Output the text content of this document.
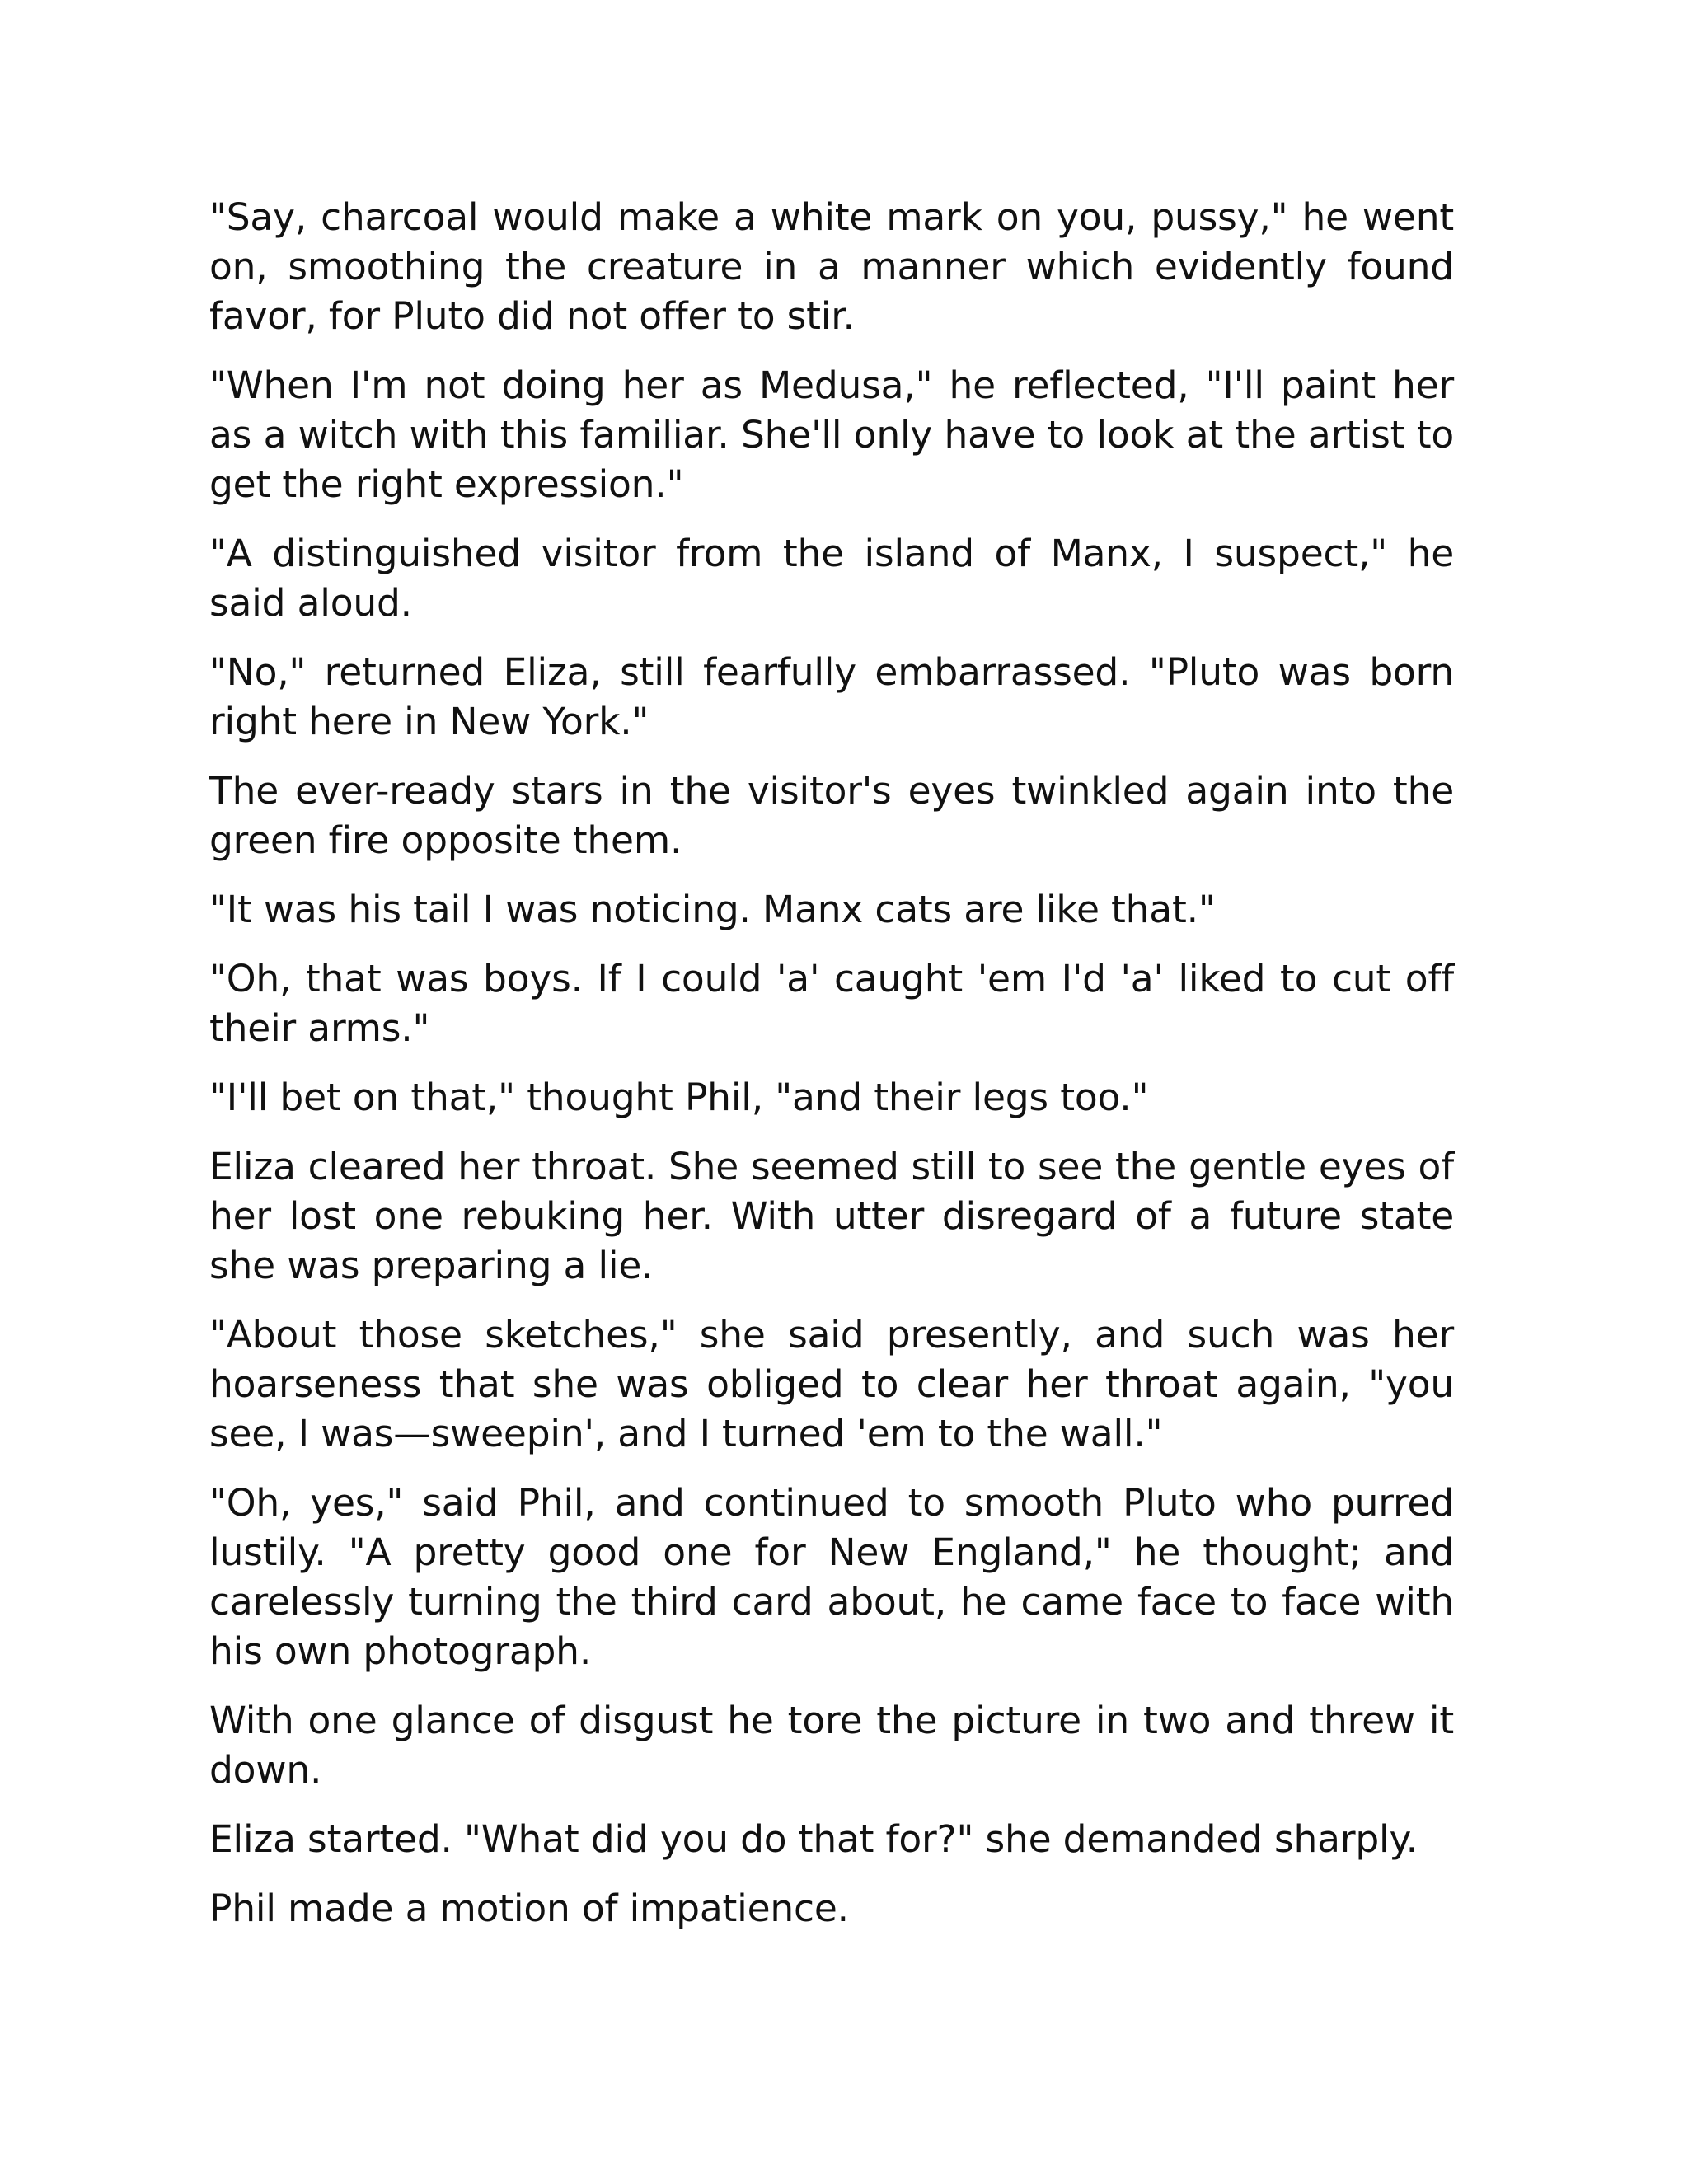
"Say, charcoal would make a white mark on you, pussy," he went on, smoothing the creature in a manner which evidently found favor, for Pluto did not offer to stir.

"When I'm not doing her as Medusa," he reflected, "I'll paint her as a witch with this familiar. She'll only have to look at the artist to get the right expression."

"A distinguished visitor from the island of Manx, I suspect," he said aloud.

"No," returned Eliza, still fearfully embarrassed. "Pluto was born right here in New York."

The ever-ready stars in the visitor's eyes twinkled again into the green fire opposite them.

"It was his tail I was noticing. Manx cats are like that."

"Oh, that was boys. If I could 'a' caught 'em I'd 'a' liked to cut off their arms."

"I'll bet on that," thought Phil, "and their legs too."

Eliza cleared her throat. She seemed still to see the gentle eyes of her lost one rebuking her. With utter disregard of a future state she was preparing a lie.

"About those sketches," she said presently, and such was her hoarseness that she was obliged to clear her throat again, "you see, I was—sweepin', and I turned 'em to the wall."

"Oh, yes," said Phil, and continued to smooth Pluto who purred lustily. "A pretty good one for New England," he thought; and carelessly turning the third card about, he came face to face with his own photograph.

With one glance of disgust he tore the picture in two and threw it down.

Eliza started. "What did you do that for?" she demanded sharply.

Phil made a motion of impatience.
